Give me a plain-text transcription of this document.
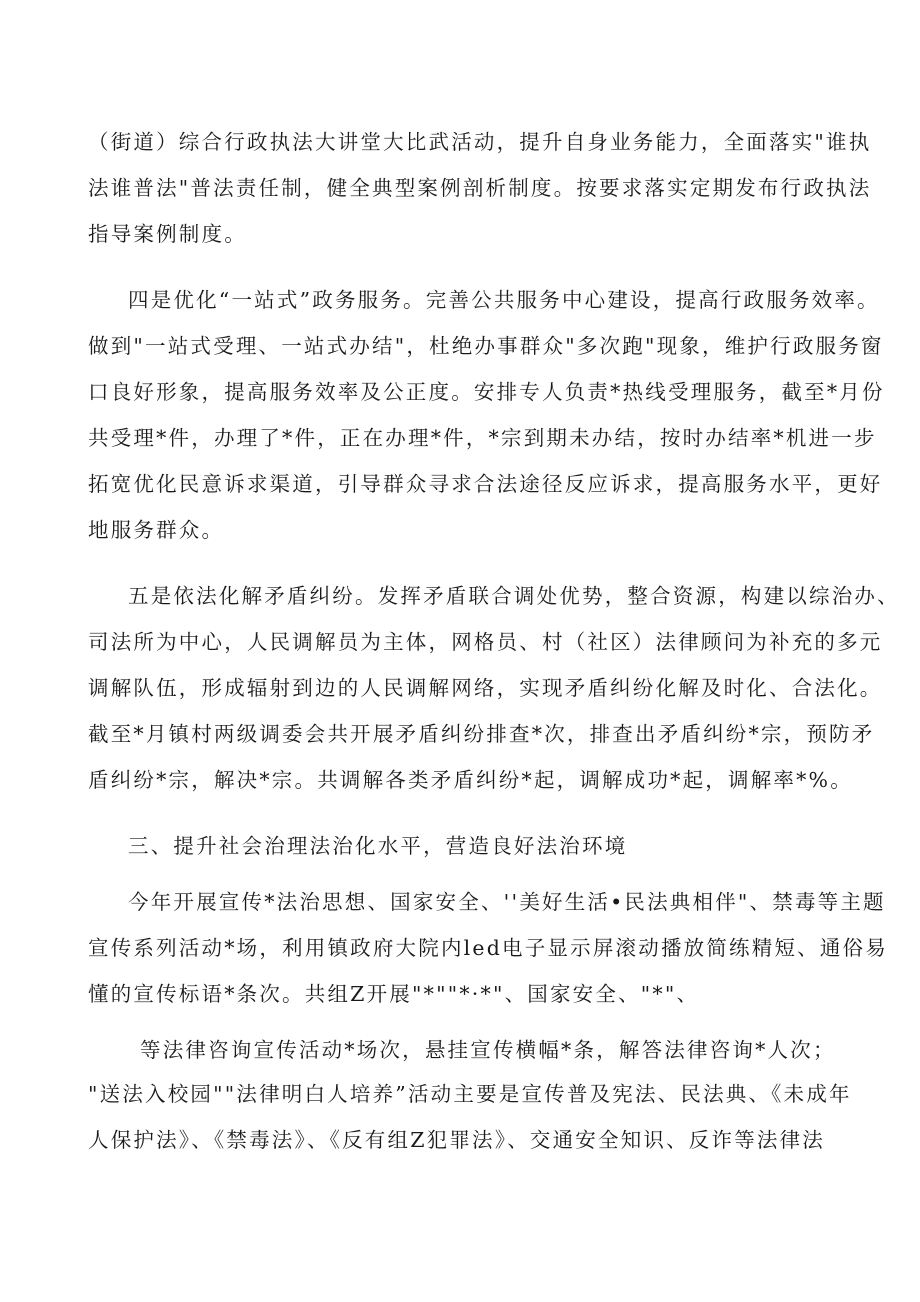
（街道）综合行政执法大讲堂大比武活动，提升自身业务能力，全面落实"谁执
法谁普法"普法责任制，健全典型案例剖析制度。按要求落实定期发布行政执法
指导案例制度。
四是优化“一站式”政务服务。完善公共服务中心建设，提高行政服务效率。
做到"一站式受理、一站式办结"，杜绝办事群众"多次跑"现象，维护行政服务窗
口良好形象，提高服务效率及公正度。安排专人负责*热线受理服务，截至*月份
共受理*件，办理了*件，正在办理*件，*宗到期未办结，按时办结率*机进一步
拓宽优化民意诉求渠道，引导群众寻求合法途径反应诉求，提高服务水平，更好
地服务群众。
五是依法化解矛盾纠纷。发挥矛盾联合调处优势，整合资源，构建以综治办、
司法所为中心，人民调解员为主体，网格员、村（社区）法律顾问为补充的多元
调解队伍，形成辐射到边的人民调解网络，实现矛盾纠纷化解及时化、合法化。
截至*月镇村两级调委会共开展矛盾纠纷排查*次，排查出矛盾纠纷*宗，预防矛
盾纠纷*宗，解决*宗。共调解各类矛盾纠纷*起，调解成功*起，调解率*%。
三、提升社会治理法治化水平，营造良好法治环境
今年开展宣传*法治思想、国家安全、''美好生活•民法典相伴"、禁毒等主题
宣传系列活动*场，利用镇政府大院内led电子显示屏滚动播放简练精短、通俗易
懂的宣传标语*条次。共组Z开展"*""*·*"、国家安全、"*"、
等法律咨询宣传活动*场次，悬挂宣传横幅*条，解答法律咨询*人次；
"送法入校园""法律明白人培养”活动主要是宣传普及宪法、民法典、《未成年
人保护法》、《禁毒法》、《反有组Z犯罪法》、交通安全知识、反诈等法律法
